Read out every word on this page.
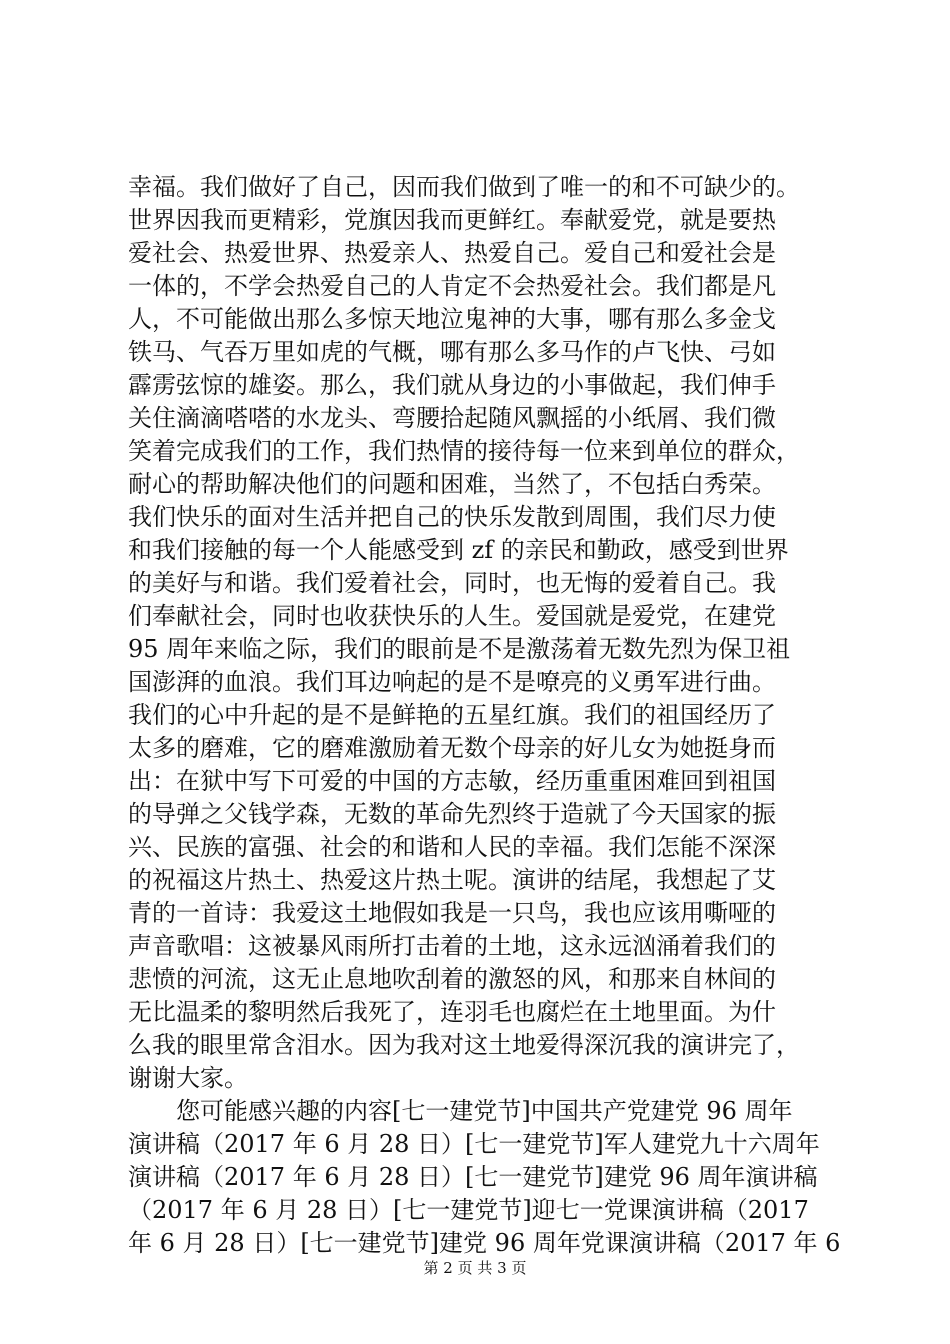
幸福。我们做好了自己，因而我们做到了唯一的和不可缺少的。
世界因我而更精彩，党旗因我而更鲜红。奉献爱党，就是要热
爱社会、热爱世界、热爱亲人、热爱自己。爱自己和爱社会是
一体的，不学会热爱自己的人肯定不会热爱社会。我们都是凡
人，不可能做出那么多惊天地泣鬼神的大事，哪有那么多金戈
铁马、气吞万里如虎的气概，哪有那么多马作的卢飞快、弓如
霹雳弦惊的雄姿。那么，我们就从身边的小事做起，我们伸手
关住滴滴嗒嗒的水龙头、弯腰拾起随风飘摇的小纸屑、我们微
笑着完成我们的工作，我们热情的接待每一位来到单位的群众，
耐心的帮助解决他们的问题和困难，当然了，不包括白秀荣。
我们快乐的面对生活并把自己的快乐发散到周围，我们尽力使
和我们接触的每一个人能感受到 zf 的亲民和勤政，感受到世界
的美好与和谐。我们爱着社会，同时，也无悔的爱着自己。我
们奉献社会，同时也收获快乐的人生。爱国就是爱党，在建党
95 周年来临之际，我们的眼前是不是激荡着无数先烈为保卫祖
国澎湃的血浪。我们耳边响起的是不是嘹亮的义勇军进行曲。
我们的心中升起的是不是鲜艳的五星红旗。我们的祖国经历了
太多的磨难，它的磨难激励着无数个母亲的好儿女为她挺身而
出：在狱中写下可爱的中国的方志敏，经历重重困难回到祖国
的导弹之父钱学森，无数的革命先烈终于造就了今天国家的振
兴、民族的富强、社会的和谐和人民的幸福。我们怎能不深深
的祝福这片热土、热爱这片热土呢。演讲的结尾，我想起了艾
青的一首诗：我爱这土地假如我是一只鸟，我也应该用嘶哑的
声音歌唱：这被暴风雨所打击着的土地，这永远汹涌着我们的
悲愤的河流，这无止息地吹刮着的激怒的风，和那来自林间的
无比温柔的黎明然后我死了，连羽毛也腐烂在土地里面。为什
么我的眼里常含泪水。因为我对这土地爱得深沉我的演讲完了，
谢谢大家。
　　您可能感兴趣的内容[七一建党节]中国共产党建党 96 周年
演讲稿（2017 年 6 月 28 日）[七一建党节]军人建党九十六周年
演讲稿（2017 年 6 月 28 日）[七一建党节]建党 96 周年演讲稿
（2017 年 6 月 28 日）[七一建党节]迎七一党课演讲稿（2017
年 6 月 28 日）[七一建党节]建党 96 周年党课演讲稿（2017 年 6
第 2 页 共 3 页
